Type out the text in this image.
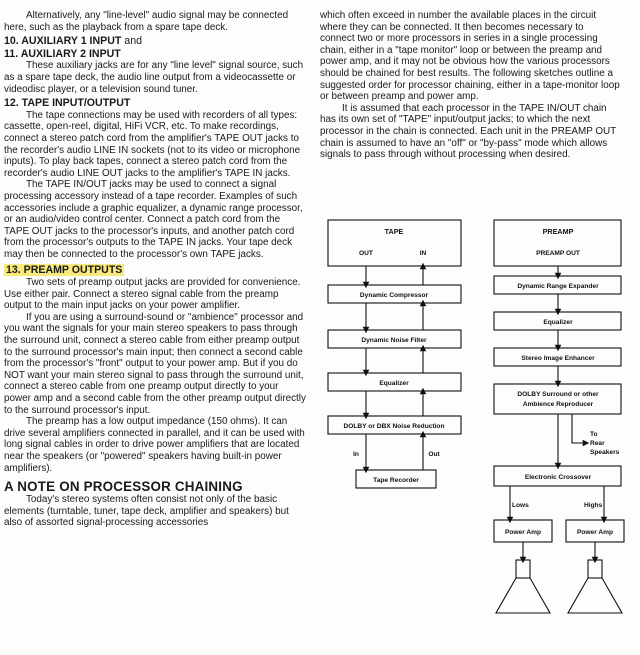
Alternatively, any "line-level" audio signal may be connected here, such as the playback from a spare tape deck.

10. AUXILIARY 1 INPUT and

11. AUXILIARY 2 INPUT

These auxiliary jacks are for any "line level" signal source, such as a spare tape deck, the audio line output from a videocassette or videodisc player, or a television sound tuner.

12. TAPE INPUT/OUTPUT

The tape connections may be used with recorders of all types: cassette, open-reel, digital, HiFi VCR, etc. To make recordings, connect a stereo patch cord from the amplifier's TAPE OUT jacks to the recorder's audio LINE IN sockets (not to its video or microphone inputs). To play back tapes, connect a stereo patch cord from the recorder's audio LINE OUT jacks to the amplifier's TAPE IN jacks.

The TAPE IN/OUT jacks may be used to connect a signal processing accessory instead of a tape recorder. Examples of such accessories include a graphic equalizer, a dynamic range processor, or an audio/video control center. Connect a patch cord from the TAPE OUT jacks to the processor's inputs, and another patch cord from the processor's outputs to the TAPE IN jacks. Your tape deck may then be connected to the processor's own TAPE jacks.

13. PREAMP OUTPUTS

Two sets of preamp output jacks are provided for convenience. Use either pair. Connect a stereo signal cable from the preamp output to the main input jacks on your power amplifier.

If you are using a surround-sound or "ambience" processor and you want the signals for your main stereo speakers to pass through the surround unit, connect a stereo cable from either preamp output to the surround processor's main input; then connect a second cable from the processor's "front" output to your power amp. But if you do NOT want your main stereo signal to pass through the surround unit, connect a stereo cable from one preamp output directly to your power amp and a second cable from the other preamp output directly to the surround processor's input.

The preamp has a low output impedance (150 ohms). It can drive several amplifiers connected in parallel, and it can be used with long signal cables in order to drive power amplifiers that are located near the speakers (or "powered" speakers having built-in power amplifiers).

A NOTE ON PROCESSOR CHAINING

Today's stereo systems often consist not only of the basic elements (turntable, tuner, tape deck, amplifier and speakers) but also of assorted signal-processing accessories

which often exceed in number the available places in the circuit where they can be connected. It then becomes necessary to connect two or more processors in series in a single processing chain, either in a "tape monitor" loop or between the preamp and power amp, and it may not be obvious how the various processors should be chained for best results. The following sketches outline a suggested order for processor chaining, either in a tape-monitor loop or between preamp and power amp.

It is assumed that each processor in the TAPE IN/OUT chain has its own set of "TAPE" input/output jacks; to which the next processor in the chain is connected. Each unit in the PREAMP OUT chain is assumed to have an "off" or "by-pass" mode which allows signals to pass through without processing when desired.

TAPE
OUT	IN
Dynamic Compressor
Dynamic Noise Filter
Equalizer
DOLBY or DBX Noise Reduction
In	Out
Tape Recorder
PREAMP
PREAMP OUT
Dynamic Range Expander
Equalizer
Stereo Image Enhancer
DOLBY Surround or other
Ambience Reproducer
To
Rear
Speakers
Electronic Crossover
Lows	Highs
Power Amp	Power Amp
